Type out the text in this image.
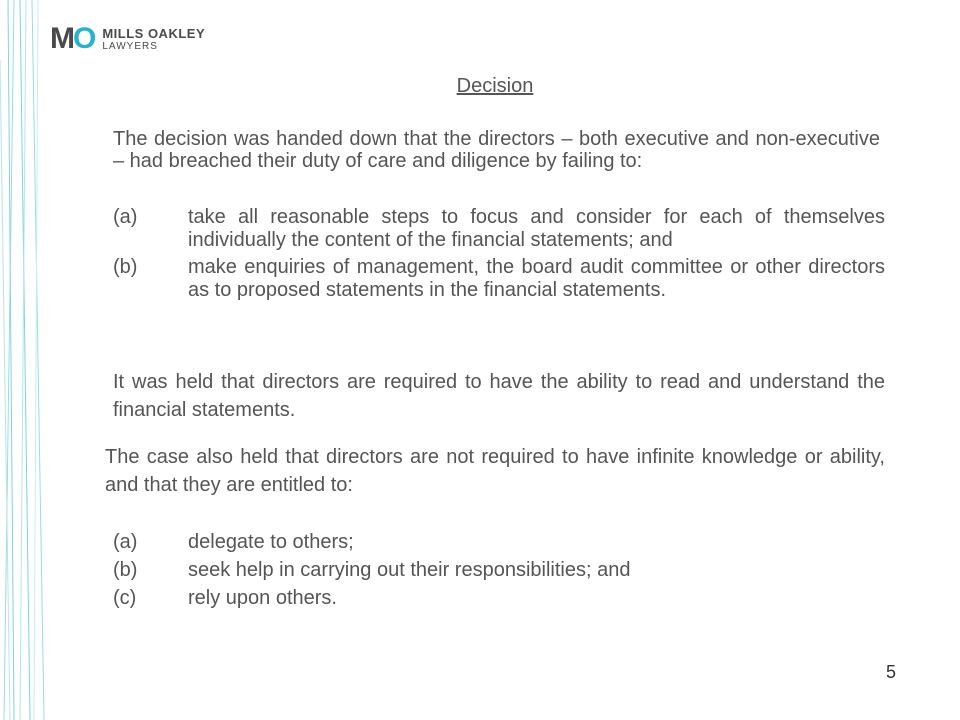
MO MILLS OAKLEY
LAWYERS
Decision
The decision was handed down that the directors – both executive and non-executive – had breached their duty of care and diligence by failing to:
(a)	take all reasonable steps to focus and consider for each of themselves individually the content of the financial statements; and
(b)	make enquiries of management, the board audit committee or other directors as to proposed statements in the financial statements.
It was held that directors are required to have the ability to read and understand the financial statements.
The case also held that directors are not required to have infinite knowledge or ability, and that they are entitled to:
(a)	delegate to others;
(b)	seek help in carrying out their responsibilities; and
(c)	rely upon others.
5
